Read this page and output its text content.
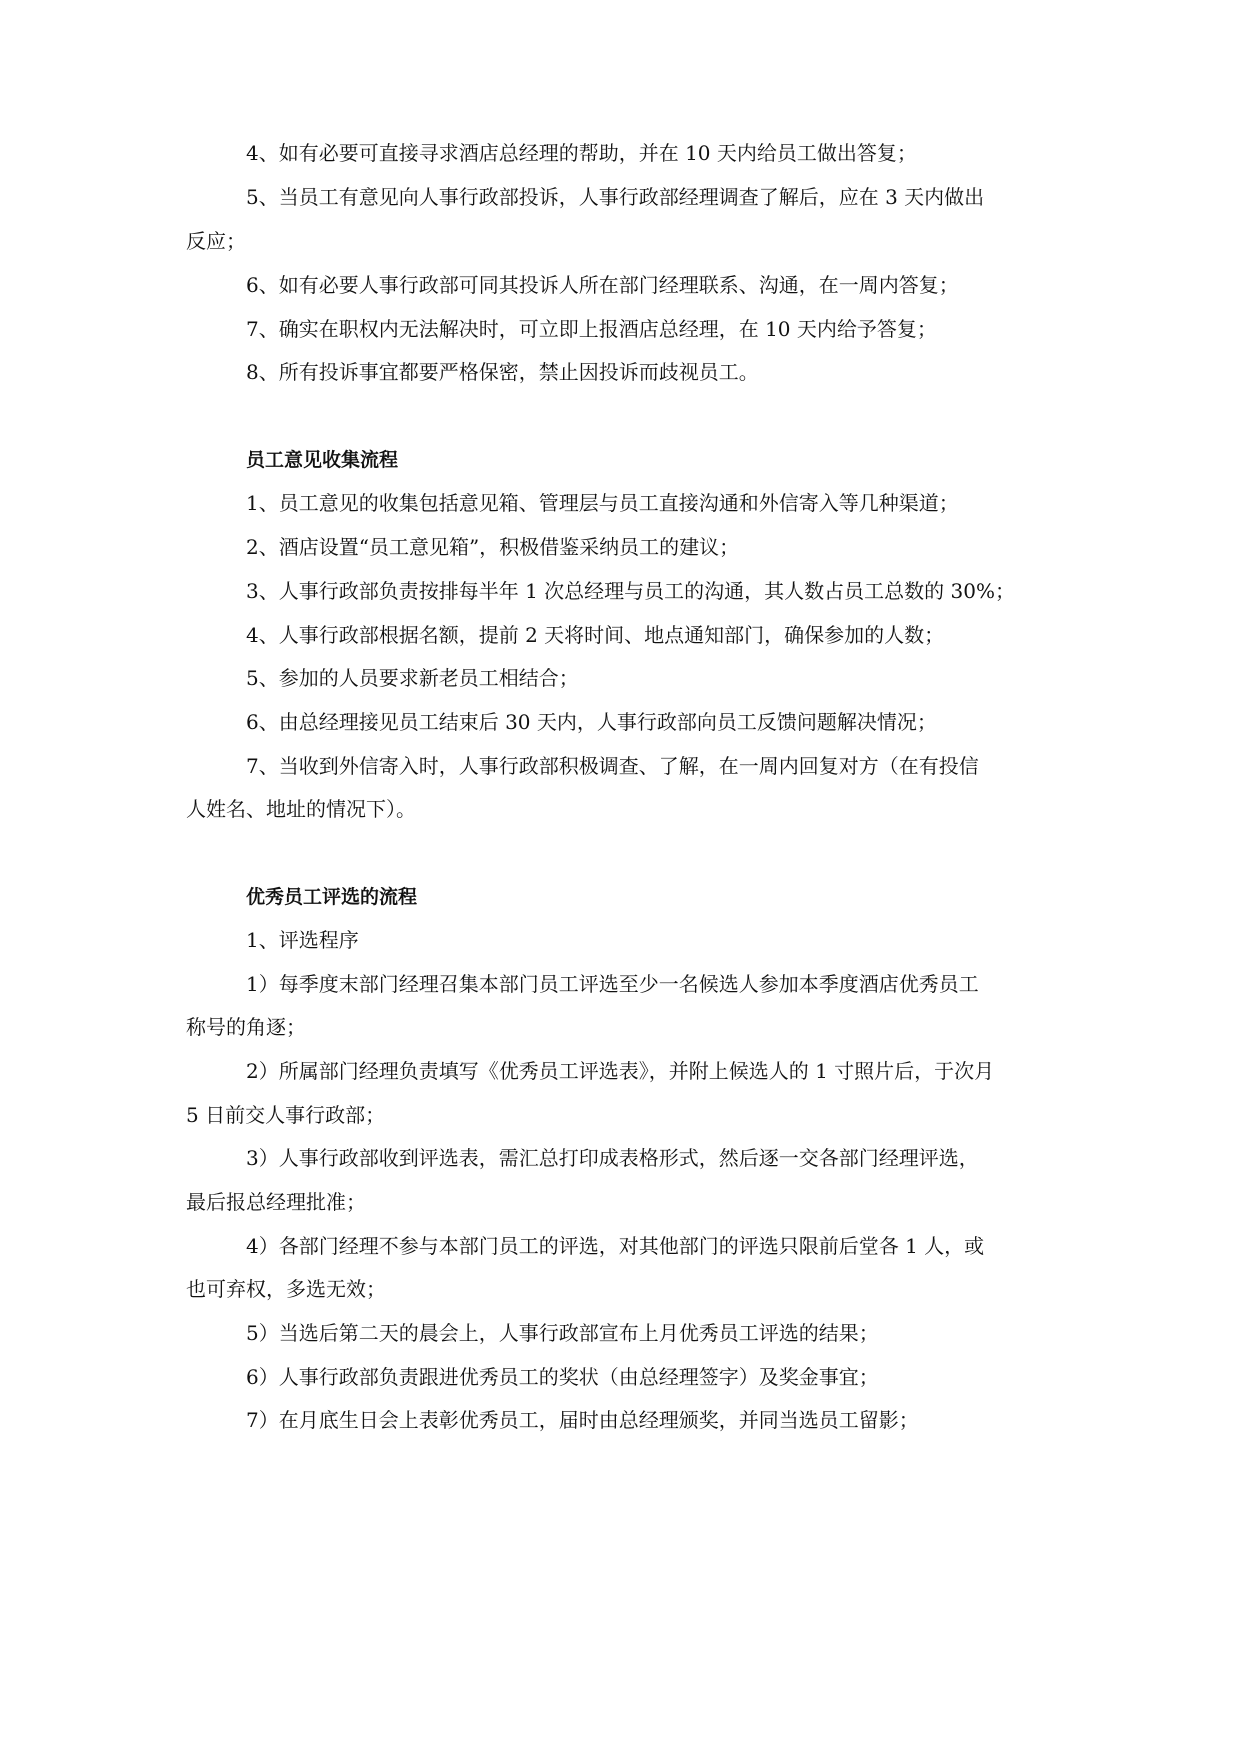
4、如有必要可直接寻求酒店总经理的帮助，并在 10 天内给员工做出答复；
5、当员工有意见向人事行政部投诉，人事行政部经理调查了解后，应在 3 天内做出
反应；
6、如有必要人事行政部可同其投诉人所在部门经理联系、沟通，在一周内答复；
7、确实在职权内无法解决时，可立即上报酒店总经理，在 10 天内给予答复；
8、所有投诉事宜都要严格保密，禁止因投诉而歧视员工。
员工意见收集流程
1、员工意见的收集包括意见箱、管理层与员工直接沟通和外信寄入等几种渠道；
2、酒店设置“员工意见箱”，积极借鉴采纳员工的建议；
3、人事行政部负责按排每半年 1 次总经理与员工的沟通，其人数占员工总数的 30%；
4、人事行政部根据名额，提前 2 天将时间、地点通知部门，确保参加的人数；
5、参加的人员要求新老员工相结合；
6、由总经理接见员工结束后 30 天内，人事行政部向员工反馈问题解决情况；
7、当收到外信寄入时，人事行政部积极调查、了解，在一周内回复对方（在有投信
人姓名、地址的情况下）。
优秀员工评选的流程
1、评选程序
1）每季度末部门经理召集本部门员工评选至少一名候选人参加本季度酒店优秀员工
称号的角逐；
2）所属部门经理负责填写《优秀员工评选表》，并附上候选人的 1 寸照片后，于次月
5 日前交人事行政部；
3）人事行政部收到评选表，需汇总打印成表格形式，然后逐一交各部门经理评选，
最后报总经理批准；
4）各部门经理不参与本部门员工的评选，对其他部门的评选只限前后堂各 1 人，或
也可弃权，多选无效；
5）当选后第二天的晨会上，人事行政部宣布上月优秀员工评选的结果；
6）人事行政部负责跟进优秀员工的奖状（由总经理签字）及奖金事宜；
7）在月底生日会上表彰优秀员工，届时由总经理颁奖，并同当选员工留影；
